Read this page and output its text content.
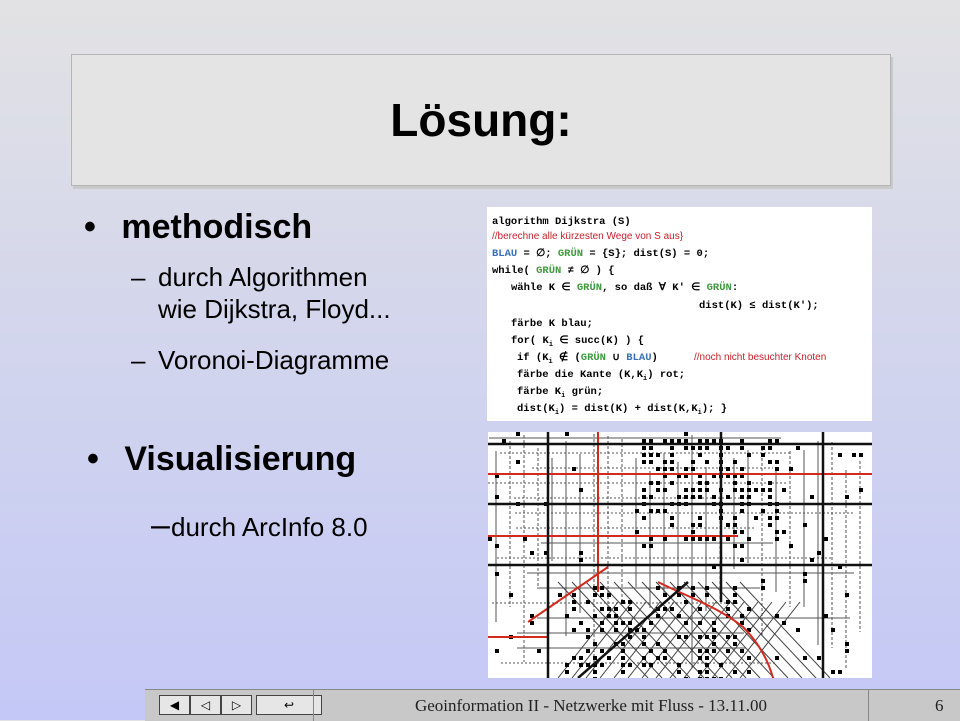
Lösung:
• methodisch
– durch Algorithmen
wie Dijkstra, Floyd...
– Voronoi-Diagramme
• Visualisierung
– durch ArcInfo 8.0
algorithm Dijkstra (S)
//berechne alle kürzesten Wege von S aus}
BLAU = ∅; GRÜN = {S}; dist(S) = 0;
while( GRÜN ≠ ∅ ) {
wähle K ∈ GRÜN, so daß ∀ K' ∈ GRÜN:
dist(K) ≤ dist(K');
färbe K blau;
for( $K_i$ ∈ succ(K) ) {
if ($K_i$ ∉ (GRÜN ∪ BLAU)	//noch nicht besuchter Knoten
färbe die Kante $(K,K_i)$ rot;
färbe $K_i$ grün;
$dist(K_i)$ = dist(K) + $dist(K,K_i)$; }
◀ ◁ ▷	↩	Geoinformation II - Netzwerke mit Fluss - 13.11.00	6
